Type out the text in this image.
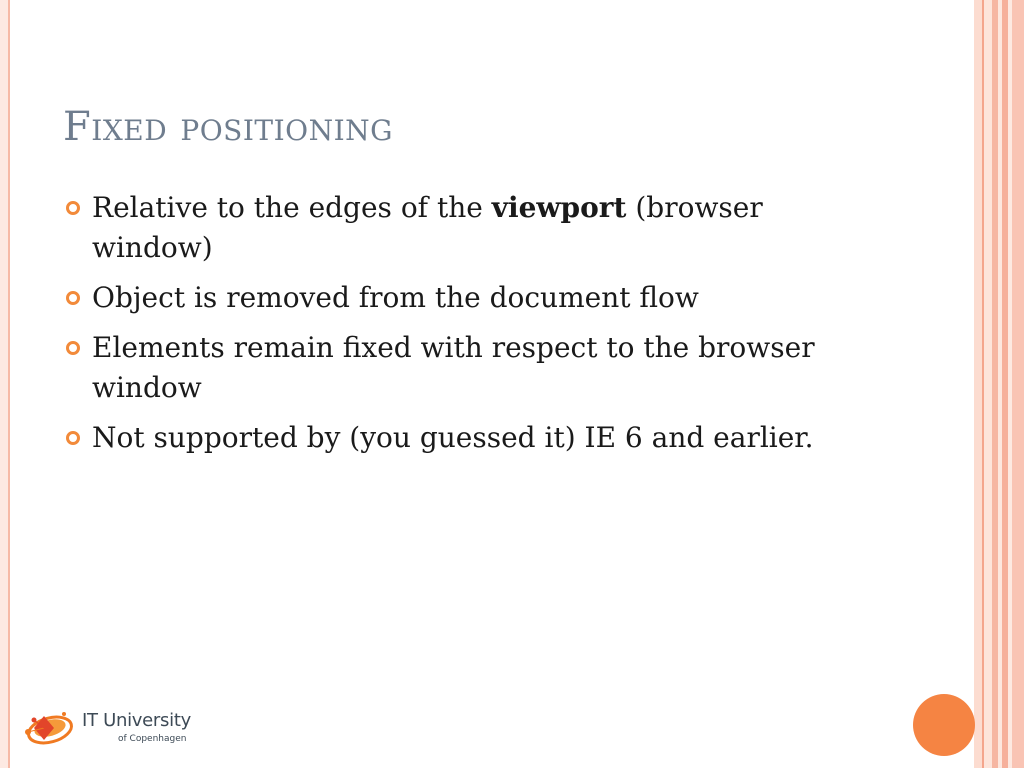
Fixed positioning
Relative to the edges of the viewport (browser window)
Object is removed from the document flow
Elements remain fixed with respect to the browser window
Not supported by (you guessed it) IE 6 and earlier.
IT University
of Copenhagen
